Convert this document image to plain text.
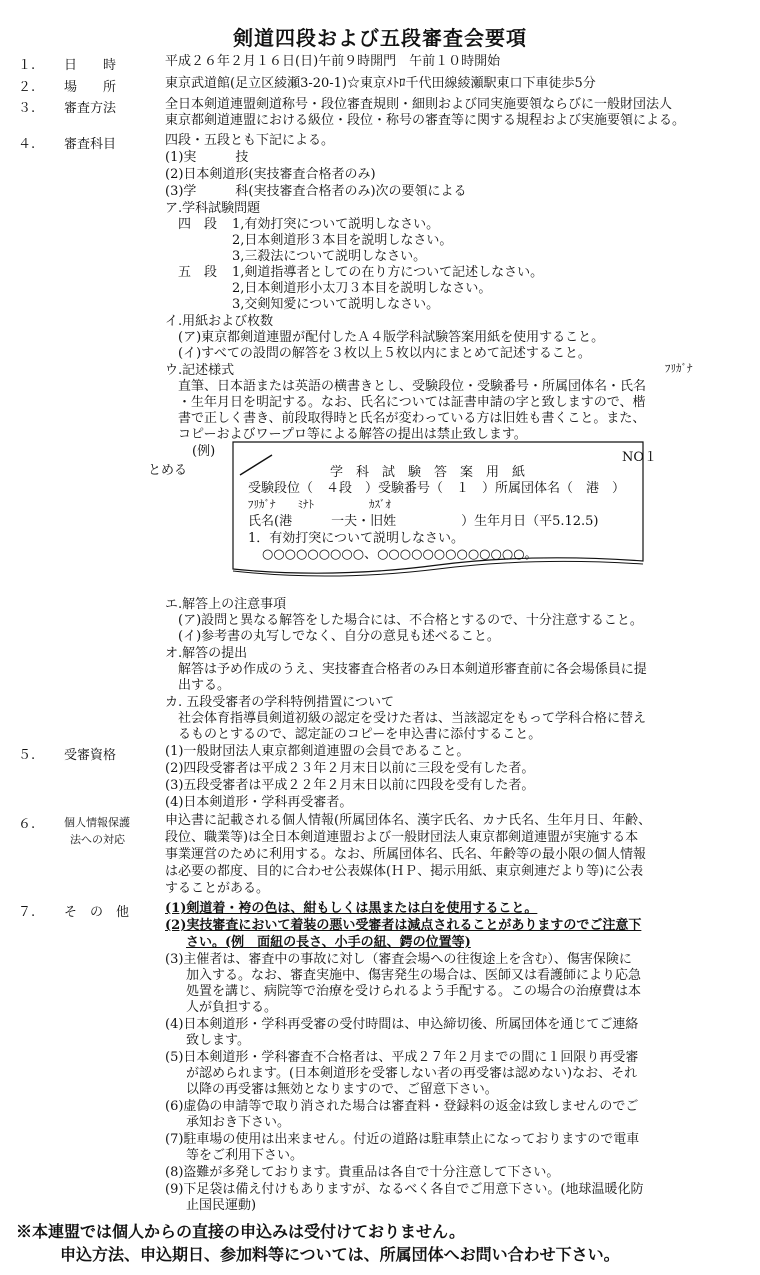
剣道四段および五段審査会要項
１. 日　　時	平成２６年２月１６日(日)午前９時開門　午前１０時開始
２. 場　　所	東京武道館(足立区綾瀬3-20-1)☆東京ﾒﾄﾛ千代田線綾瀬駅東口下車徒歩5分
３. 審査方法	全日本剣道連盟剣道称号・段位審査規則・細則および同実施要領ならびに一般財団法人
東京都剣道連盟における級位・段位・称号の審査等に関する規程および実施要領による。
４. 審査科目	四段・五段とも下記による。
(1)実　　　技
(2)日本剣道形(実技審査合格者のみ)
(3)学　　　科(実技審査合格者のみ)次の要領による
ア.学科試験問題
四　段 1,有効打突について説明しなさい。
2,日本剣道形３本目を説明しなさい。
3,三殺法について説明しなさい。
五　段 1,剣道指導者としての在り方について記述しなさい。
2,日本剣道形小太刀３本目を説明しなさい。
3,交剣知愛について説明しなさい。
イ.用紙および枚数
(ア)東京都剣道連盟が配付したＡ４版学科試験答案用紙を使用すること。
(イ)すべての設問の解答を３枚以上５枚以内にまとめて記述すること。
ﾌﾘｶﾞﾅ
ウ.記述様式
直筆、日本語または英語の横書きとし、受験段位・受験番号・所属団体名・氏名
・生年月日を明記する。なお、氏名については証書申請の字と致しますので、楷
書で正しく書き、前段取得時と氏名が変わっている方は旧姓も書くこと。また、
コピーおよびワープロ等による解答の提出は禁止致します。
(例)
とめる
NO１
学　科　試　験　答　案　用　紙
受験段位（　４段　）受験番号（　１　）所属団体名（　港　）
ﾌﾘｶﾞﾅ　　ﾐﾅﾄ　　　　　ｶｽﾞｵ
氏名(港　　　一夫・旧姓　　　　　）生年月日（平5.12.5)
1．有効打突について説明しなさい。
○○○○○○○○○、○○○○○○○○○○○○○。
エ.解答上の注意事項
(ア)設問と異なる解答をした場合には、不合格とするので、十分注意すること。
(イ)参考書の丸写しでなく、自分の意見も述べること。
オ.解答の提出
解答は予め作成のうえ、実技審査合格者のみ日本剣道形審査前に各会場係員に提
出する。
カ. 五段受審者の学科特例措置について
社会体育指導員剣道初級の認定を受けた者は、当該認定をもって学科合格に替え
るものとするので、認定証のコピーを申込書に添付すること。
５. 受審資格	(1)一般財団法人東京都剣道連盟の会員であること。
(2)四段受審者は平成２３年２月末日以前に三段を受有した者。
(3)五段受審者は平成２２年２月末日以前に四段を受有した者。
(4)日本剣道形・学科再受審者。
６.	個人情報保護
法への対応
申込書に記載される個人情報(所属団体名、漢字氏名、カナ氏名、生年月日、年齢、
段位、職業等)は全日本剣道連盟および一般財団法人東京都剣道連盟が実施する本
事業運営のために利用する。なお、所属団体名、氏名、年齢等の最小限の個人情報
は必要の都度、目的に合わせ公表媒体(ＨＰ、掲示用紙、東京剣連だより等)に公表
することがある。
７. そ　の　他	(1)剣道着・袴の色は、紺もしくは黒または白を使用すること。
(2)実技審査において着装の悪い受審者は減点されることがありますのでご注意下
さい。(例　面紐の長さ、小手の紐、鍔の位置等)
(3)主催者は、審査中の事故に対し（審査会場への往復途上を含む）、傷害保険に
加入する。なお、審査実施中、傷害発生の場合は、医師又は看護師により応急
処置を講じ、病院等で治療を受けられるよう手配する。この場合の治療費は本
人が負担する。
(4)日本剣道形・学科再受審の受付時間は、申込締切後、所属団体を通じてご連絡
致します。
(5)日本剣道形・学科審査不合格者は、平成２７年２月までの間に１回限り再受審
が認められます。(日本剣道形を受審しない者の再受審は認めない)なお、それ
以降の再受審は無効となりますので、ご留意下さい。
(6)虚偽の申請等で取り消された場合は審査料・登録料の返金は致しませんのでご
承知おき下さい。
(7)駐車場の使用は出来ません。付近の道路は駐車禁止になっておりますので電車
等をご利用下さい。
(8)盗難が多発しております。貴重品は各自で十分注意して下さい。
(9)下足袋は備え付けもありますが、なるべく各自でご用意下さい。(地球温暖化防
止国民運動)
※本連盟では個人からの直接の申込みは受付けておりません。
申込方法、申込期日、参加料等については、所属団体へお問い合わせ下さい。
